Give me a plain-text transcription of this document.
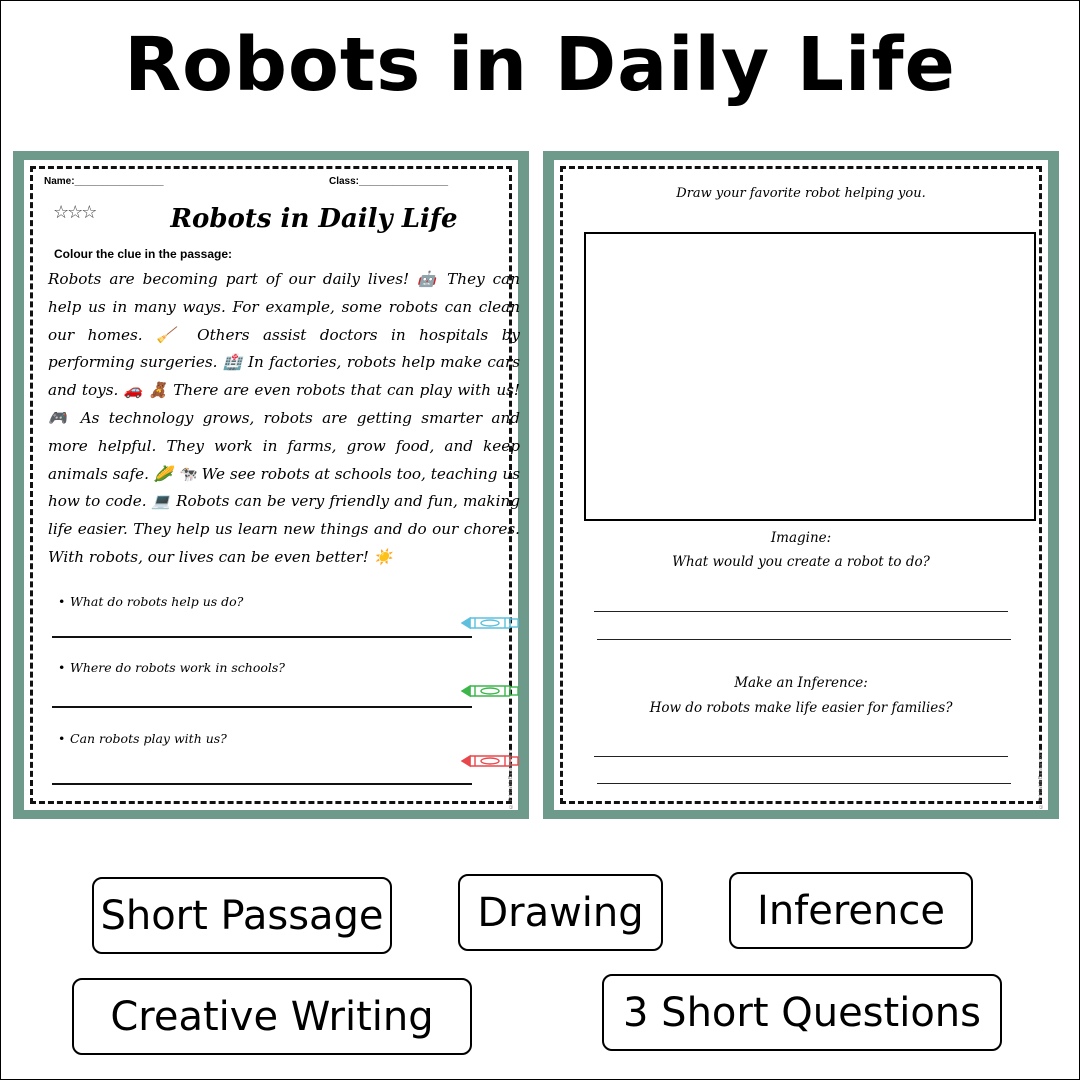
Robots in Daily Life
Name:________________	Class:________________
☆☆☆	Robots in Daily Life
Colour the clue in the passage:
Robots are becoming part of our daily lives! 🤖 They can help us in many ways. For example, some robots can clean our homes. 🧹 Others assist doctors in hospitals by performing surgeries. 🏥 In factories, robots help make cars and toys. 🚗 🧸 There are even robots that can play with us! 🎮 As technology grows, robots are getting smarter and more helpful. They work in farms, grow food, and keep animals safe. 🌽 🐄 We see robots at schools too, teaching us how to code. 💻 Robots can be very friendly and fun, making life easier. They help us learn new things and do our chores. With robots, our lives can be even better! ☀️
• What do robots help us do?
• Where do robots work in schools?
• Can robots play with us?
© PrintableBazaar.com
Draw your favorite robot helping you.
Imagine:
What would you create a robot to do?
Make an Inference:
How do robots make life easier for families?
© PrintableBazaar.com
Short Passage	Drawing	Inference
Creative Writing	3 Short Questions
